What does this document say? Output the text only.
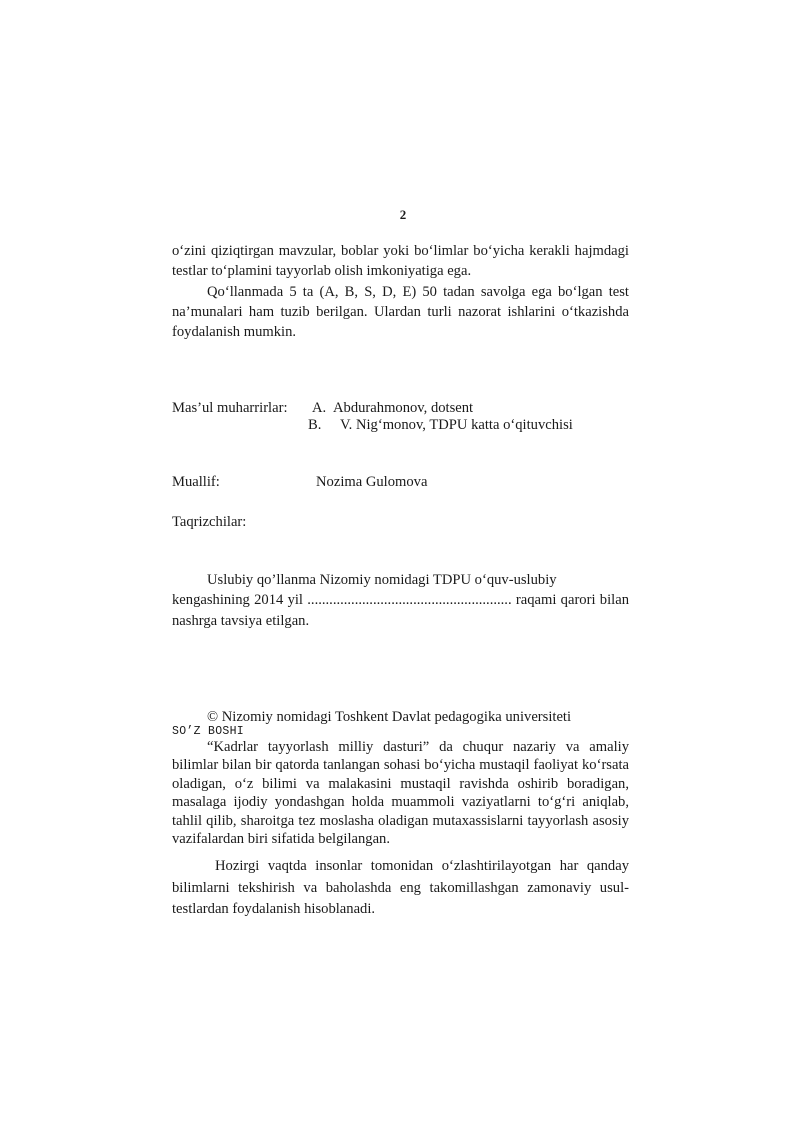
2

o‘zini qiziqtirgan mavzular, boblar yoki bo‘limlar bo‘yicha kerakli hajmdagi testlar to‘plamini tayyorlab olish imkoniyatiga ega.

Qo‘llanmada 5 ta (A, B, S, D, E) 50 tadan savolga ega bo‘lgan test na’munalari ham tuzib berilgan. Ulardan turli nazorat ishlarini o‘tkazishda foydalanish mumkin.

Mas’ul muharrirlar: A. Abdurahmonov, dotsent
B. V. Nig‘monov, TDPU katta o‘qituvchisi
Muallif:	Nozima Gulomova
Taqrizchilar:
Uslubiy qo’llanma Nizomiy nomidagi TDPU o‘quv-uslubiy
kengashining 2014 yil ........................................................ raqami qarori bilan
nashrga tavsiya etilgan.
© Nizomiy nomidagi Toshkent Davlat pedagogika universiteti
SO’Z BOSHI

“Kadrlar tayyorlash milliy dasturi” da chuqur nazariy va amaliy bilimlar bilan bir qatorda tanlangan sohasi bo‘yicha mustaqil faoliyat ko‘rsata oladigan, o‘z bilimi va malakasini mustaqil ravishda oshirib boradigan, masalaga ijodiy yondashgan holda muammoli vaziyatlarni to‘g‘ri aniqlab, tahlil qilib, sharoitga tez moslasha oladigan mutaxassislarni tayyorlash asosiy vazifalardan biri sifatida belgilangan.

Hozirgi vaqtda insonlar tomonidan o‘zlashtirilayotgan har qanday bilimlarni tekshirish va baholashda eng takomillashgan zamonaviy usul-testlardan foydalanish hisoblanadi.
